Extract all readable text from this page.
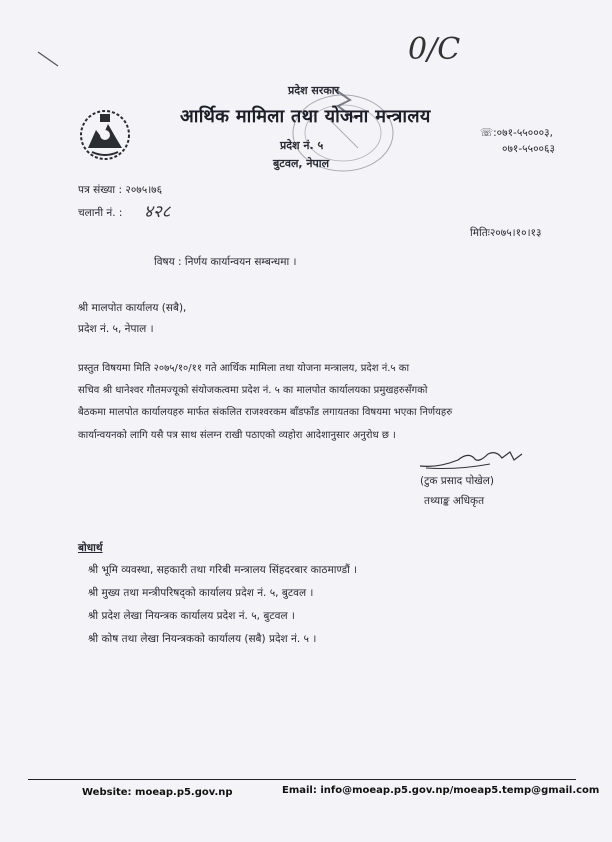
0/C
प्रदेश सरकार
आर्थिक मामिला तथा योजना मन्त्रालय
प्रदेश नं. ५
बुटवल, नेपाल
☏:०७१-५५०००३,
०७१-५५००६३
पत्र संख्या : २०७५।७६
चलानी नं. : ४२८
मितिः२०७५।१०।१३
विषय : निर्णय कार्यान्वयन सम्बन्धमा ।
श्री मालपोत कार्यालय (सबै),
प्रदेश नं. ५, नेपाल ।
प्रस्तुत विषयमा मिति २०७५/१०/११ गते आर्थिक मामिला तथा योजना मन्त्रालय, प्रदेश नं.५ का
सचिव श्री धानेश्वर गौतमज्यूको संयोजकत्वमा प्रदेश नं. ५ का मालपोत कार्यालयका प्रमुखहरुसँगको
बैठकमा मालपोत कार्यालयहरु मार्फत संकलित राजश्वरकम बाँडफाँड लगायतका विषयमा भएका निर्णयहरु
कार्यान्वयनको लागि यसै पत्र साथ संलग्न राखी पठाएको व्यहोरा आदेशानुसार अनुरोध छ ।
(टुक प्रसाद पोखेल)
तथ्याङ्क अधिकृत
बोधार्थ
श्री भूमि व्यवस्था, सहकारी तथा गरिबी मन्त्रालय सिंहदरबार काठमाण्डौं ।
श्री मुख्य तथा मन्त्रीपरिषद्को कार्यालय प्रदेश नं. ५, बुटवल ।
श्री प्रदेश लेखा नियन्त्रक कार्यालय प्रदेश नं. ५, बुटवल ।
श्री कोष तथा लेखा नियन्त्रकको कार्यालय (सबै) प्रदेश नं. ५ ।
Website: moeap.p5.gov.np	Email: info@moeap.p5.gov.np/moeap5.temp@gmail.com
